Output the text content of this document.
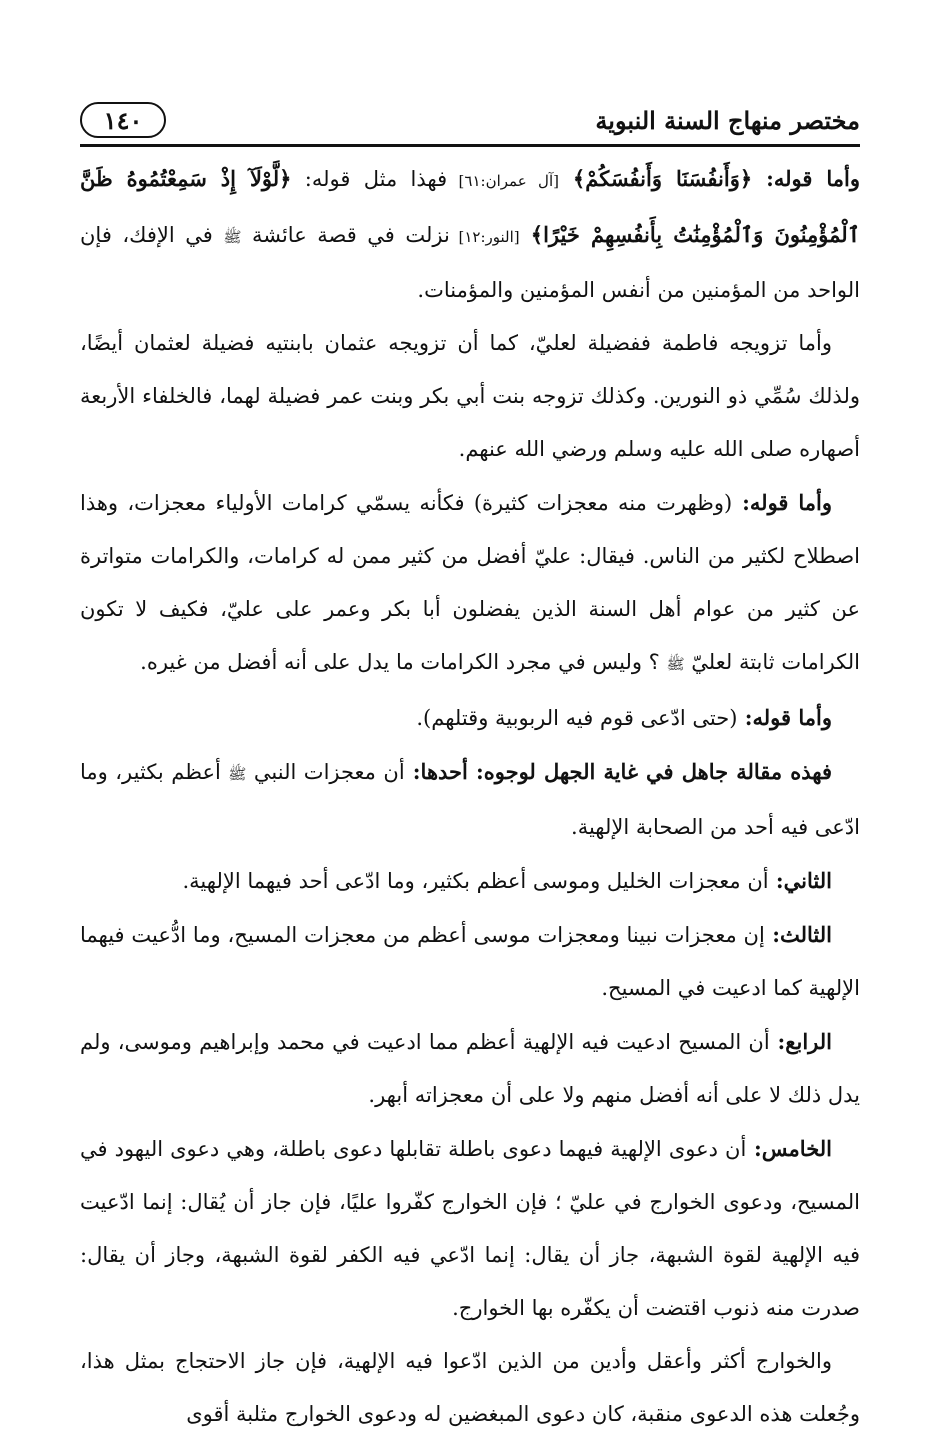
١٤٠	مختصر منهاج السنة النبوية

وأما قوله: ﴿وَأَنفُسَنَا وَأَنفُسَكُمْ﴾ [آل عمران:٦١] فهذا مثل قوله: ﴿لَّوْلَآ إِذْ سَمِعْتُمُوهُ ظَنَّ ٱلْمُؤْمِنُونَ وَٱلْمُؤْمِنَٰتُ بِأَنفُسِهِمْ خَيْرًا﴾ [النور:١٢] نزلت في قصة عائشة ﷺ في الإفك، فإن الواحد من المؤمنين من أنفس المؤمنين والمؤمنات.

وأما تزويجه فاطمة ففضيلة لعليّ، كما أن تزويجه عثمان بابنتيه فضيلة لعثمان أيضًا، ولذلك سُمِّي ذو النورين. وكذلك تزوجه بنت أبي بكر وبنت عمر فضيلة لهما، فالخلفاء الأربعة أصهاره صلى الله عليه وسلم ورضي الله عنهم.

وأما قوله: (وظهرت منه معجزات كثيرة) فكأنه يسمّي كرامات الأولياء معجزات، وهذا اصطلاح لكثير من الناس. فيقال: عليّ أفضل من كثير ممن له كرامات، والكرامات متواترة عن كثير من عوام أهل السنة الذين يفضلون أبا بكر وعمر على عليّ، فكيف لا تكون الكرامات ثابتة لعليّ ﷺ ؟ وليس في مجرد الكرامات ما يدل على أنه أفضل من غيره.

وأما قوله: (حتى ادّعى قوم فيه الربوبية وقتلهم).

فهذه مقالة جاهل في غاية الجهل لوجوه: أحدها: أن معجزات النبي ﷺ أعظم بكثير، وما ادّعى فيه أحد من الصحابة الإلهية.

الثاني: أن معجزات الخليل وموسى أعظم بكثير، وما ادّعى أحد فيهما الإلهية.

الثالث: إن معجزات نبينا ومعجزات موسى أعظم من معجزات المسيح، وما ادُّعيت فيهما الإلهية كما ادعيت في المسيح.

الرابع: أن المسيح ادعيت فيه الإلهية أعظم مما ادعيت في محمد وإبراهيم وموسى، ولم يدل ذلك لا على أنه أفضل منهم ولا على أن معجزاته أبهر.

الخامس: أن دعوى الإلهية فيهما دعوى باطلة تقابلها دعوى باطلة، وهي دعوى اليهود في المسيح، ودعوى الخوارج في عليّ ؛ فإن الخوارج كفّروا عليًا، فإن جاز أن يُقال: إنما ادّعيت فيه الإلهية لقوة الشبهة، جاز أن يقال: إنما ادّعي فيه الكفر لقوة الشبهة، وجاز أن يقال: صدرت منه ذنوب اقتضت أن يكفّره بها الخوارج.

والخوارج أكثر وأعقل وأدين من الذين ادّعوا فيه الإلهية، فإن جاز الاحتجاج بمثل هذا، وجُعلت هذه الدعوى منقبة، كان دعوى المبغضين له ودعوى الخوارج مثلبة أقوى
